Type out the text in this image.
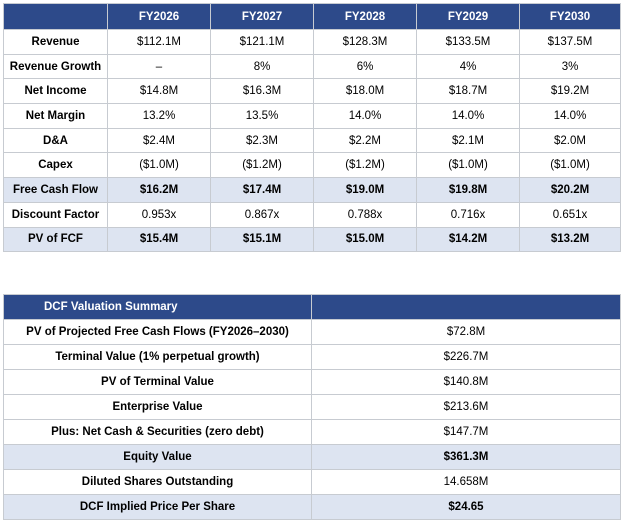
	FY2026	FY2027	FY2028	FY2029	FY2030
Revenue	$112.1M	$121.1M	$128.3M	$133.5M	$137.5M
Revenue Growth	–	8%	6%	4%	3%
Net Income	$14.8M	$16.3M	$18.0M	$18.7M	$19.2M
Net Margin	13.2%	13.5%	14.0%	14.0%	14.0%
D&A	$2.4M	$2.3M	$2.2M	$2.1M	$2.0M
Capex	($1.0M)	($1.2M)	($1.2M)	($1.0M)	($1.0M)
Free Cash Flow	$16.2M	$17.4M	$19.0M	$19.8M	$20.2M
Discount Factor	0.953x	0.867x	0.788x	0.716x	0.651x
PV of FCF	$15.4M	$15.1M	$15.0M	$14.2M	$13.2M
DCF Valuation Summary	
PV of Projected Free Cash Flows (FY2026–2030)	$72.8M
Terminal Value (1% perpetual growth)	$226.7M
PV of Terminal Value	$140.8M
Enterprise Value	$213.6M
Plus: Net Cash & Securities (zero debt)	$147.7M
Equity Value	$361.3M
Diluted Shares Outstanding	14.658M
DCF Implied Price Per Share	$24.65
